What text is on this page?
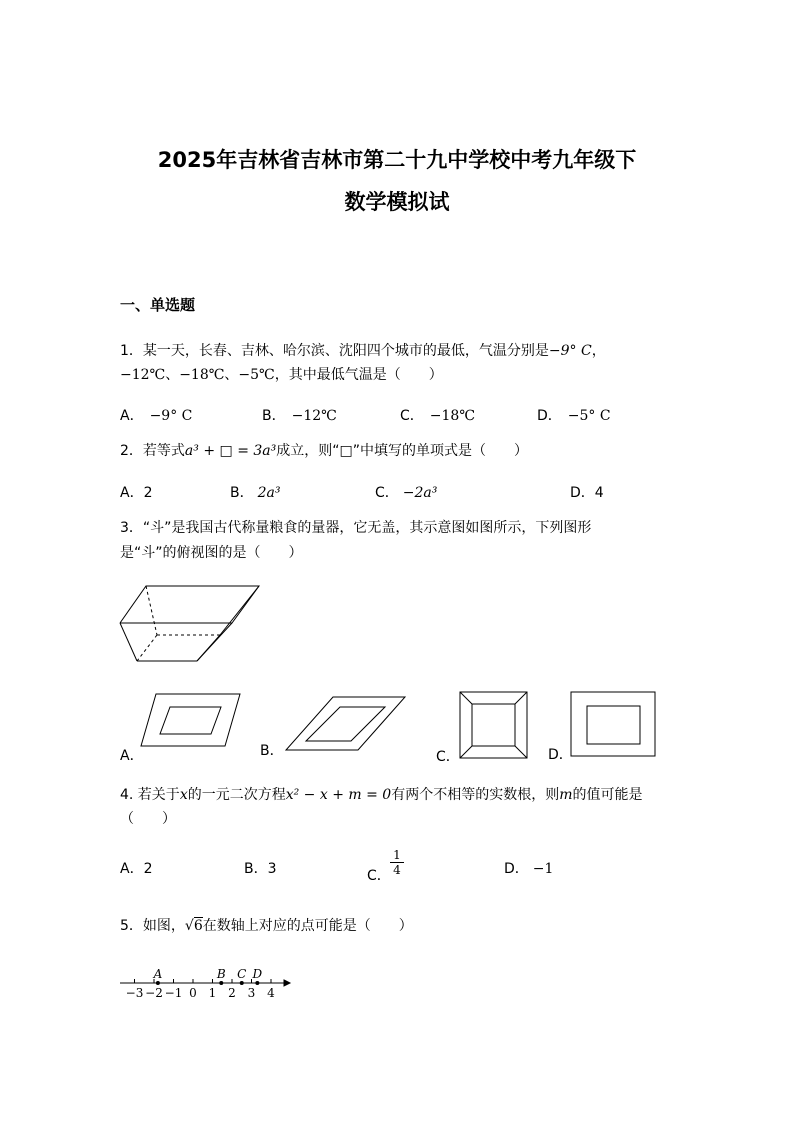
2025年吉林省吉林市第二十九中学校中考九年级下
数学模拟试
一、单选题
1．某一天，长春、吉林、哈尔滨、沈阳四个城市的最低，气温分别是−9° C，
−12℃、−18℃、−5℃，其中最低气温是（　　）
A． −9° C	B． −12℃	C． −18℃	D． −5° C
2．若等式a³ + □ = 3a³成立，则“□”中填写的单项式是（　　）
A．2	B． 2a³	C． −2a³	D．4
3．“斗”是我国古代称量粮食的量器，它无盖，其示意图如图所示，下列图形
是“斗”的俯视图的是（　　）
A．	B．	C．	D．
4. 若关于x的一元二次方程x² − x + m = 0有两个不相等的实数根，则m的值可能是
（　　）
A．2	B．3	C．
1
4	D． −1
5．如图，√6在数轴上对应的点可能是（　　）
−3 −2 −1 0 1 2 3 4
A	B C D
